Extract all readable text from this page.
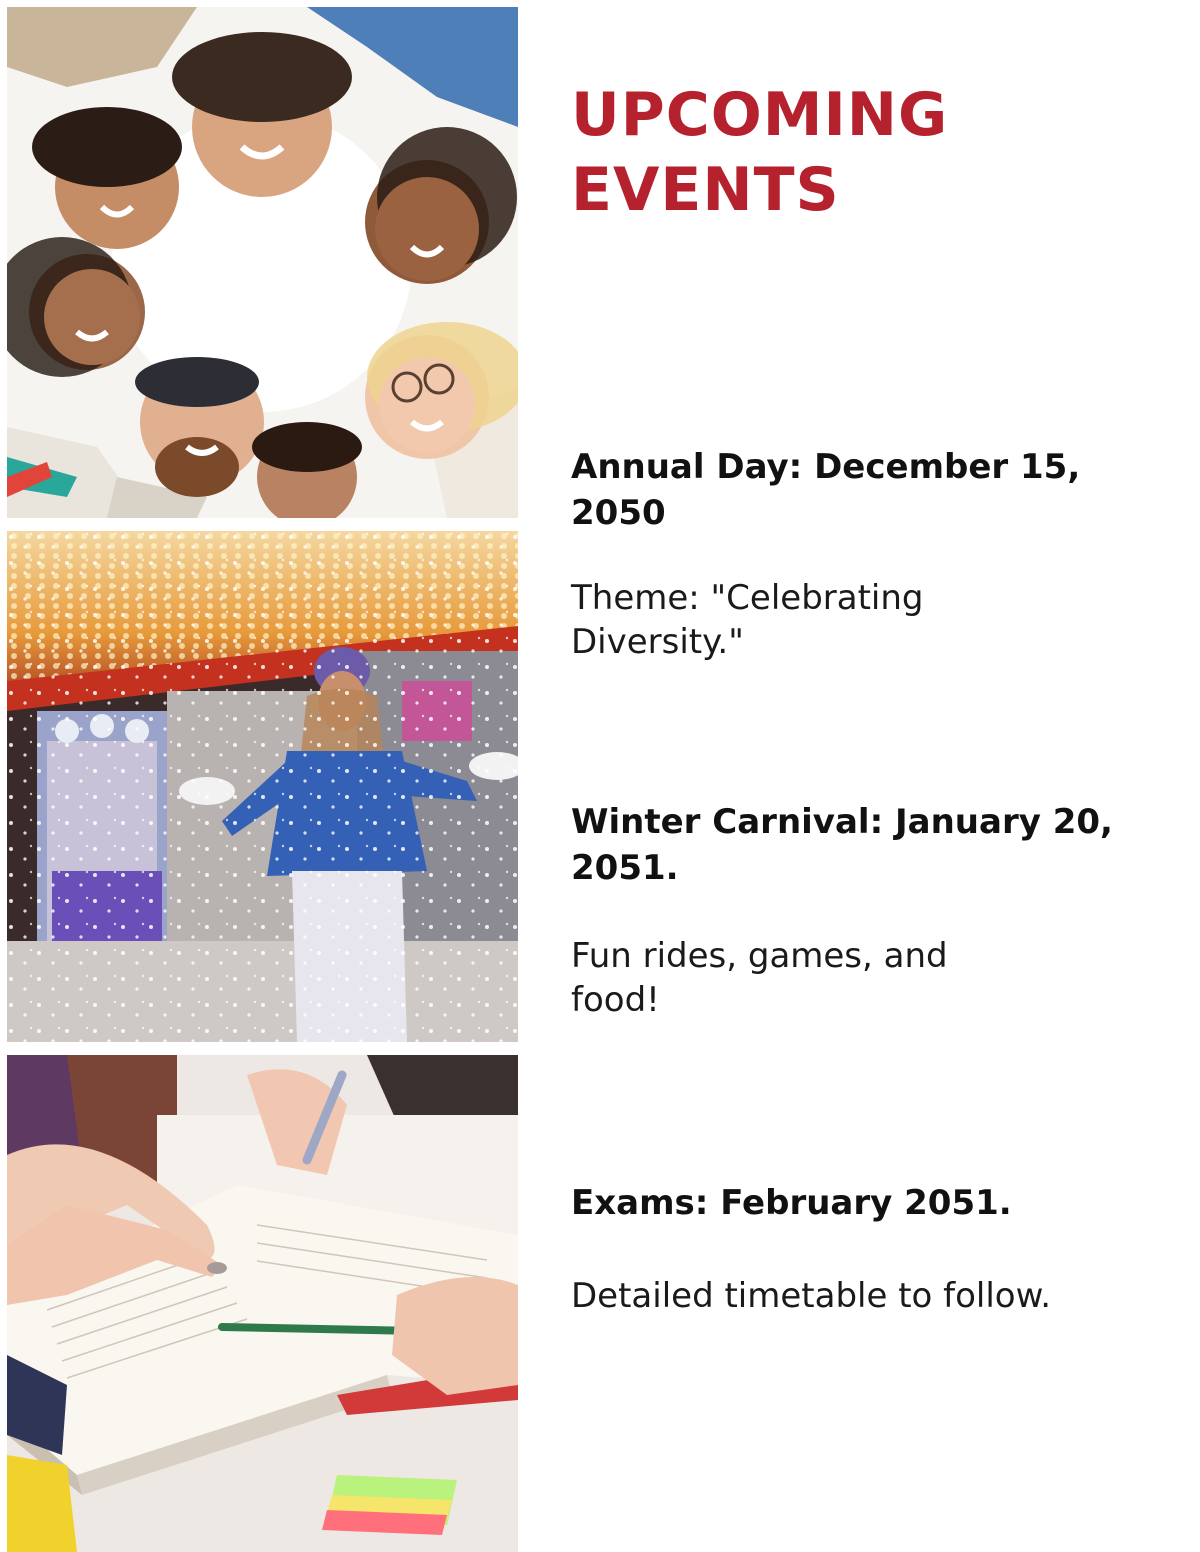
UPCOMING
EVENTS
Annual Day: December 15, 2050

Theme: "Celebrating Diversity."

Winter Carnival: January 20, 2051.

Fun rides, games, and food!

Exams: February 2051.

Detailed timetable to follow.
